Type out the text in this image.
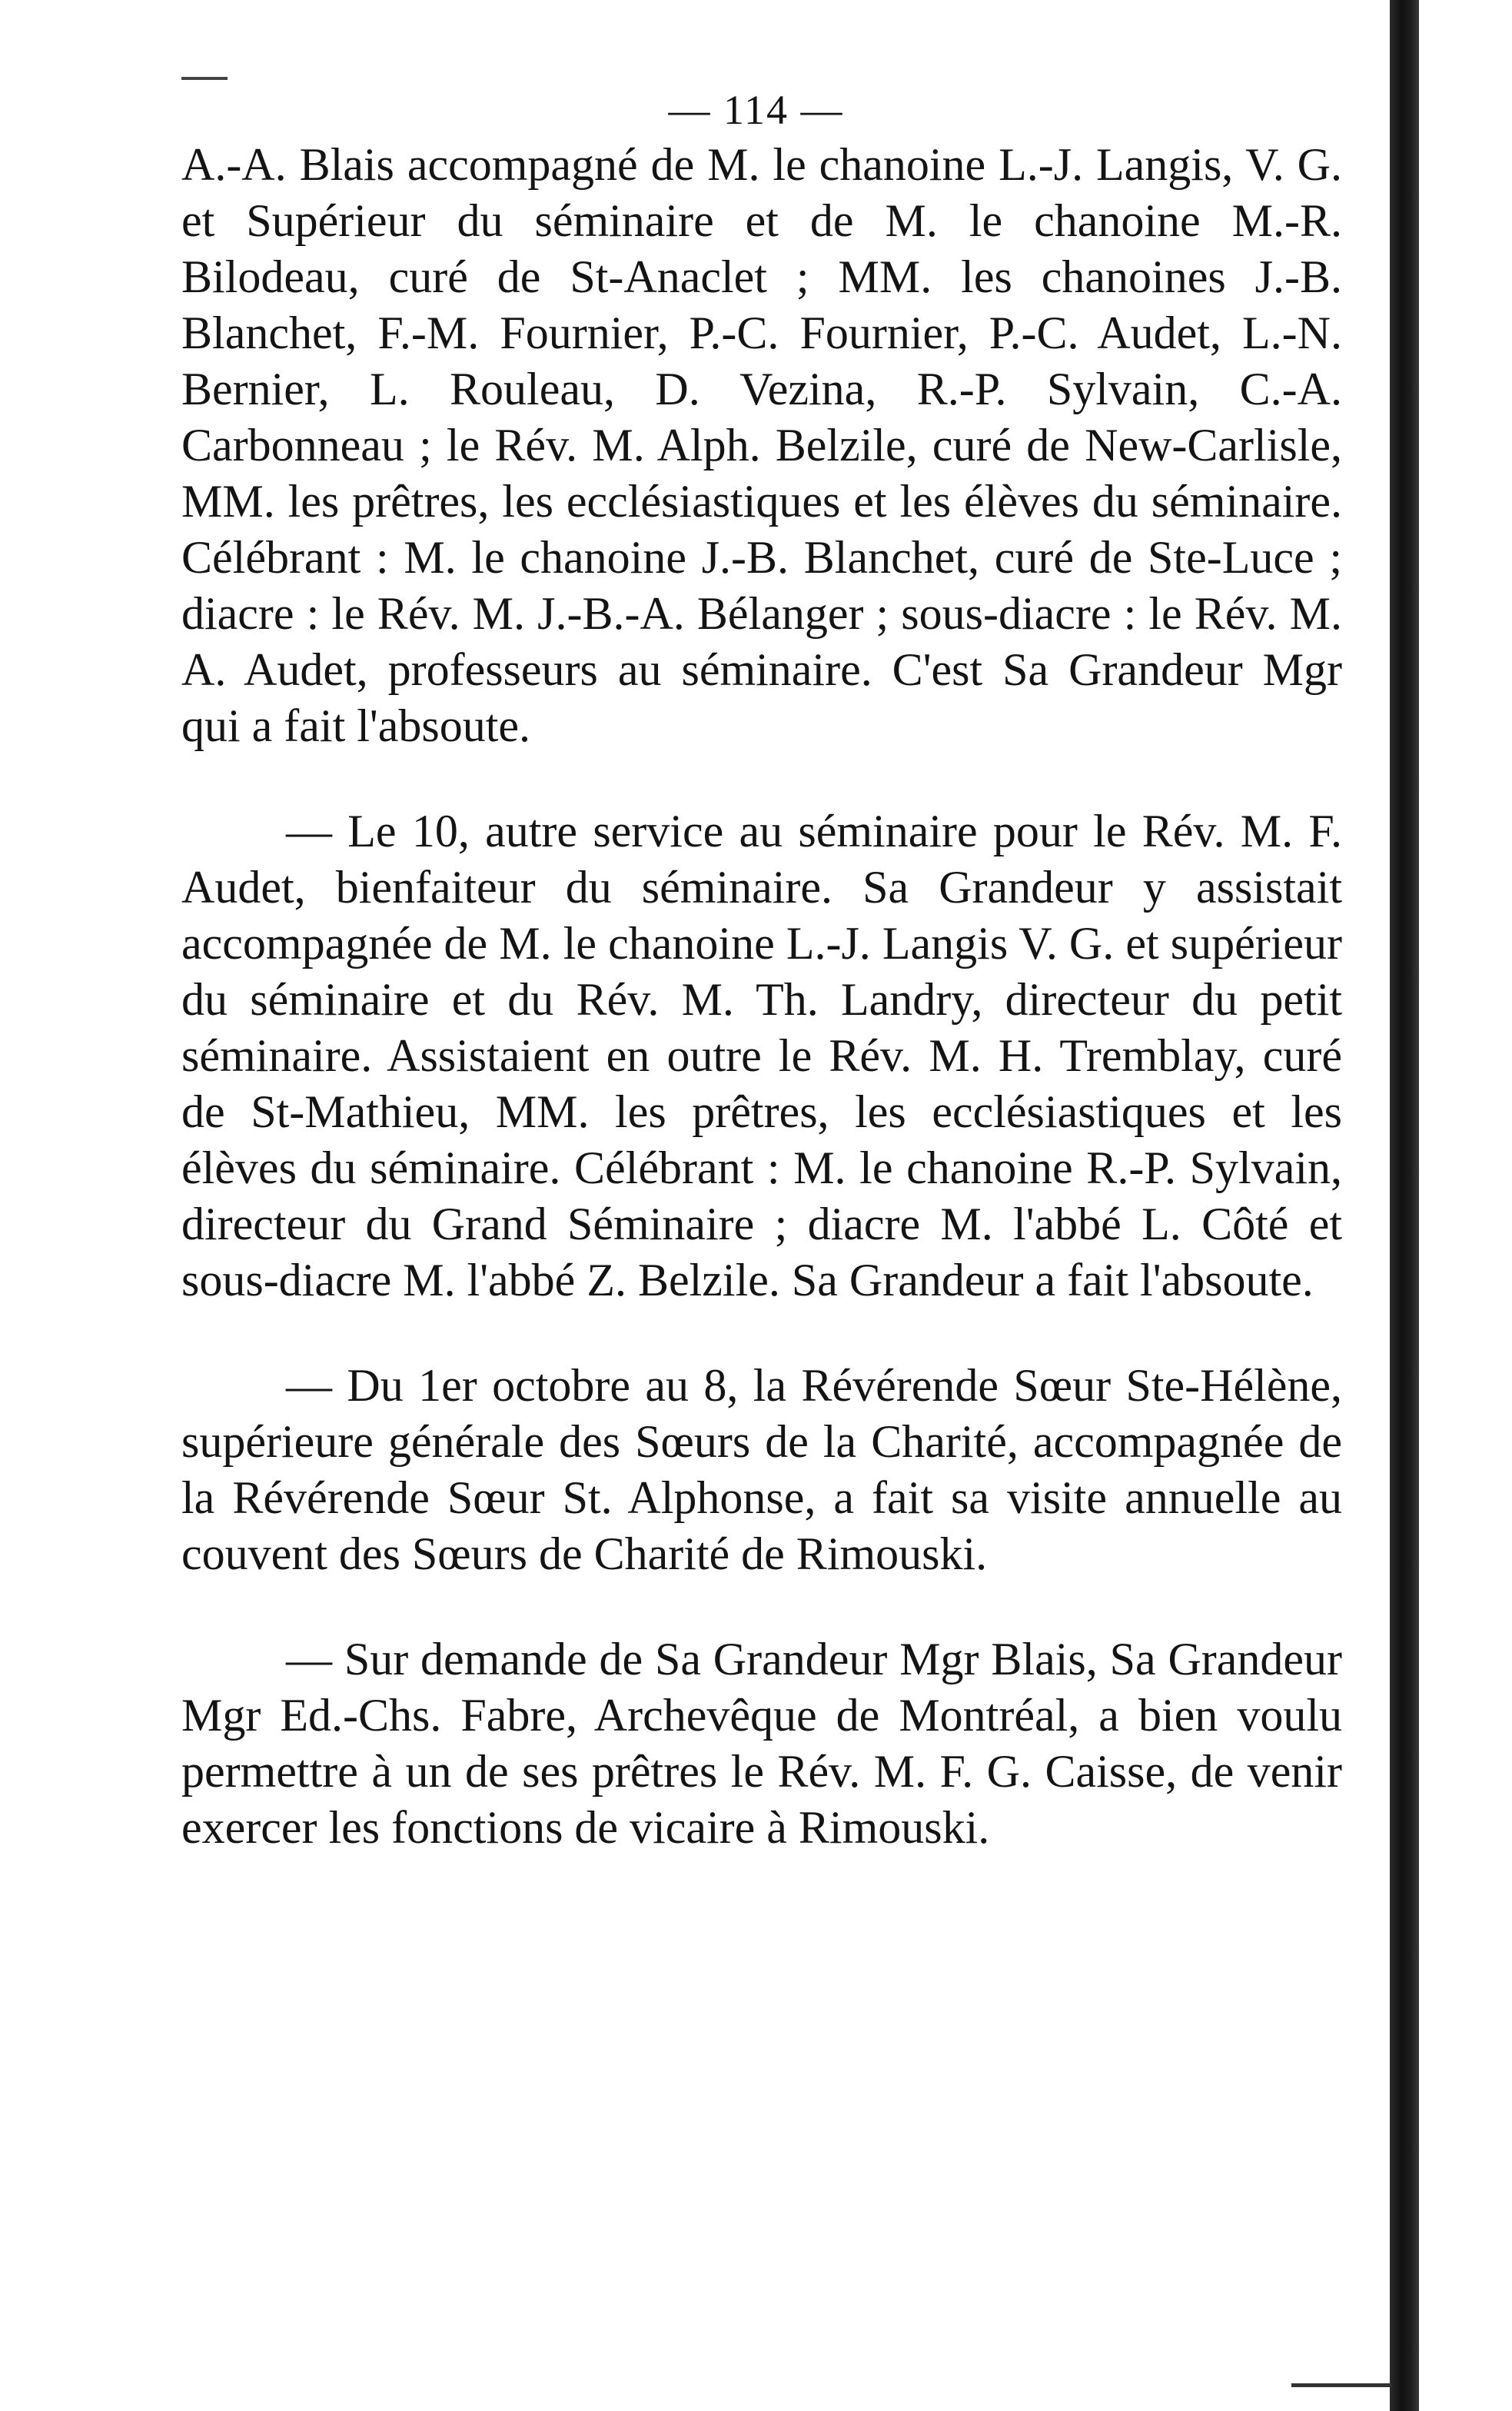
— 114 —

A.-A. Blais accompagné de M. le chanoine L.-J. Langis, V. G. et Supérieur du séminaire et de M. le chanoine M.-R. Bilodeau, curé de St-Anaclet ; MM. les chanoines J.-B. Blanchet, F.-M. Fournier, P.-C. Fournier, P.-C. Audet, L.-N. Bernier, L. Rouleau, D. Vezina, R.-P. Sylvain, C.-A. Carbonneau ; le Rév. M. Alph. Belzile, curé de New-Carlisle, MM. les prêtres, les ecclésiastiques et les élèves du séminaire. Célébrant : M. le chanoine J.-B. Blanchet, curé de Ste-Luce ; diacre : le Rév. M. J.-B.-A. Bélanger ; sous-diacre : le Rév. M. A. Audet, professeurs au séminaire. C'est Sa Grandeur Mgr qui a fait l'absoute.

— Le 10, autre service au séminaire pour le Rév. M. F. Audet, bienfaiteur du séminaire. Sa Grandeur y assistait accompagnée de M. le chanoine L.-J. Langis V. G. et supérieur du séminaire et du Rév. M. Th. Landry, directeur du petit séminaire. Assistaient en outre le Rév. M. H. Tremblay, curé de St-Mathieu, MM. les prêtres, les ecclésiastiques et les élèves du séminaire. Célébrant : M. le chanoine R.-P. Sylvain, directeur du Grand Séminaire ; diacre M. l'abbé L. Côté et sous-diacre M. l'abbé Z. Belzile. Sa Grandeur a fait l'absoute.

— Du 1er octobre au 8, la Révérende Sœur Ste-Hélène, supérieure générale des Sœurs de la Charité, accompagnée de la Révérende Sœur St. Alphonse, a fait sa visite annuelle au couvent des Sœurs de Charité de Rimouski.

— Sur demande de Sa Grandeur Mgr Blais, Sa Grandeur Mgr Ed.-Chs. Fabre, Archevêque de Montréal, a bien voulu permettre à un de ses prêtres le Rév. M. F. G. Caisse, de venir exercer les fonctions de vicaire à Rimouski.
